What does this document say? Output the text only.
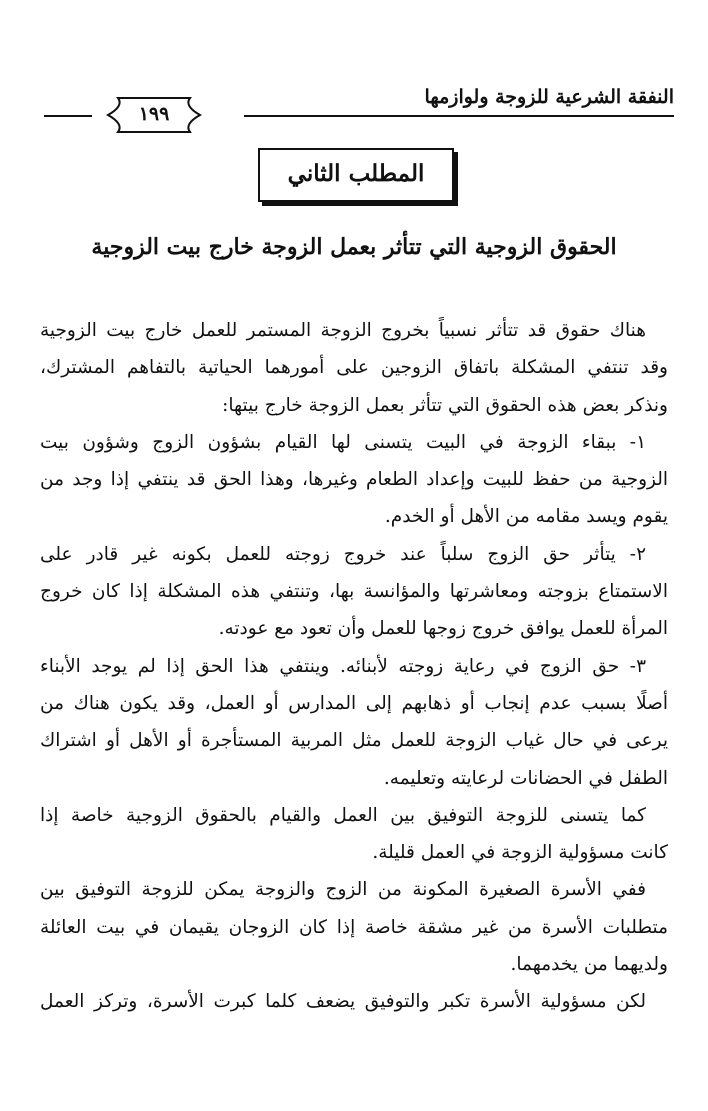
النفقة الشرعية للزوجة ولوازمها
١٩٩
المطلب الثاني
الحقوق الزوجية التي تتأثر بعمل الزوجة خارج بيت الزوجية
هناك حقوق قد تتأثر نسبياً بخروج الزوجة المستمر للعمل خارج بيت الزوجية
وقد تنتفي المشكلة باتفاق الزوجين على أمورهما الحياتية بالتفاهم المشترك،
ونذكر بعض هذه الحقوق التي تتأثر بعمل الزوجة خارج بيتها:
١- ببقاء الزوجة في البيت يتسنى لها القيام بشؤون الزوج وشؤون بيت
الزوجية من حفظ للبيت وإعداد الطعام وغيرها، وهذا الحق قد ينتفي إذا وجد من
يقوم ويسد مقامه من الأهل أو الخدم.
٢- يتأثر حق الزوج سلباً عند خروج زوجته للعمل بكونه غير قادر على
الاستمتاع بزوجته ومعاشرتها والمؤانسة بها، وتنتفي هذه المشكلة إذا كان خروج
المرأة للعمل يوافق خروج زوجها للعمل وأن تعود مع عودته.
٣- حق الزوج في رعاية زوجته لأبنائه. وينتفي هذا الحق إذا لم يوجد الأبناء
أصلًا بسبب عدم إنجاب أو ذهابهم إلى المدارس أو العمل، وقد يكون هناك من
يرعى في حال غياب الزوجة للعمل مثل المربية المستأجرة أو الأهل أو اشتراك
الطفل في الحضانات لرعايته وتعليمه.
كما يتسنى للزوجة التوفيق بين العمل والقيام بالحقوق الزوجية خاصة إذا
كانت مسؤولية الزوجة في العمل قليلة.
ففي الأسرة الصغيرة المكونة من الزوج والزوجة يمكن للزوجة التوفيق بين
متطلبات الأسرة من غير مشقة خاصة إذا كان الزوجان يقيمان في بيت العائلة
ولديهما من يخدمهما.
لكن مسؤولية الأسرة تكبر والتوفيق يضعف كلما كبرت الأسرة، وتركز العمل
